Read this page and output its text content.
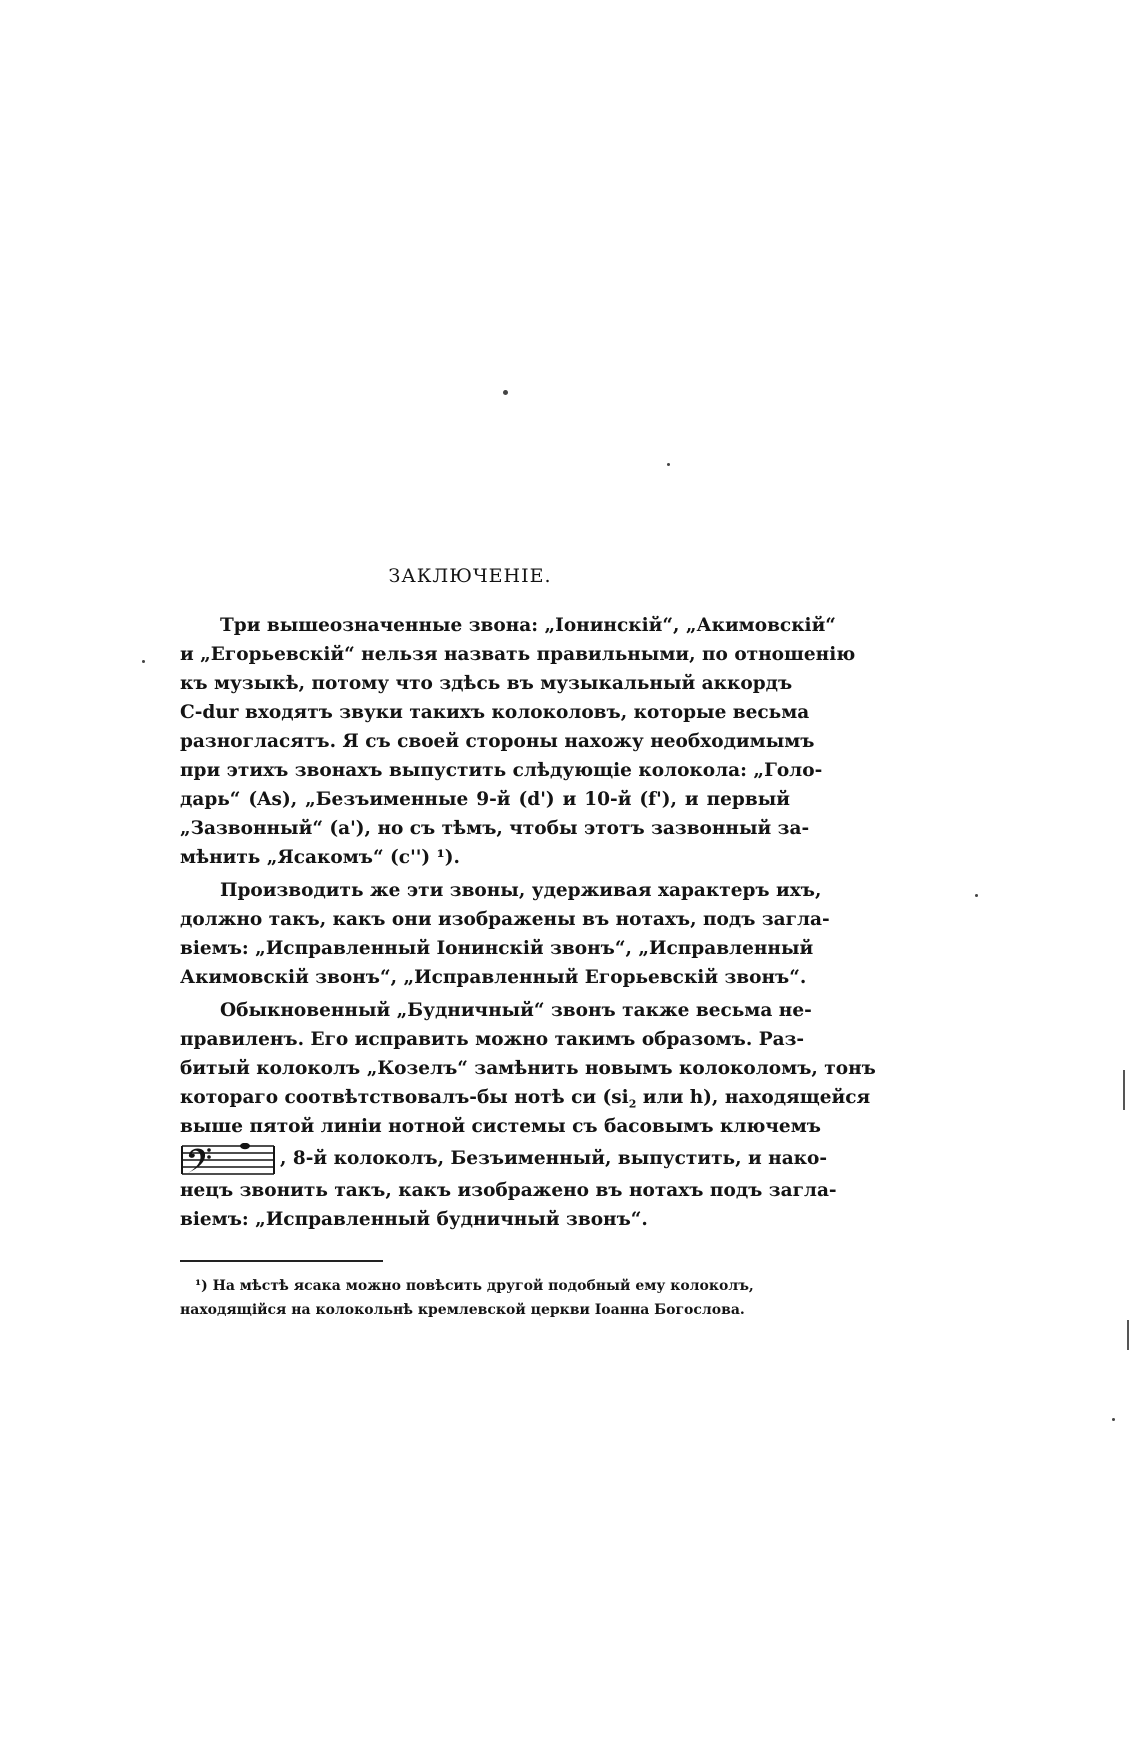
ЗАКЛЮЧЕНІЕ.
Три вышеозначенные звона: „Іонинскій“, „Акимовскій“
и „Егорьевскій“ нельзя назвать правильными, по отношенію
къ музыкѣ, потому что здѣсь въ музыкальный аккордъ
C-dur входятъ звуки такихъ колоколовъ, которые весьма
разногласятъ. Я съ своей стороны нахожу необходимымъ
при этихъ звонахъ выпустить слѣдующіе колокола: „Голо-
дарь“ (As), „Безъименные 9-й (d') и 10-й (f'), и первый
„Зазвонный“ (a'), но съ тѣмъ, чтобы этотъ зазвонный за-
мѣнить „Ясакомъ“ (c'') ¹).
Производить же эти звоны, удерживая характеръ ихъ,
должно такъ, какъ они изображены въ нотахъ, подъ загла-
віемъ: „Исправленный Іонинскій звонъ“, „Исправленный
Акимовскій звонъ“, „Исправленный Егорьевскій звонъ“.
Обыкновенный „Будничный“ звонъ также весьма не-
правиленъ. Его исправить можно такимъ образомъ. Раз-
битый колоколъ „Козелъ“ замѣнить новымъ колоколомъ, тонъ
котораго соотвѣтствовалъ-бы нотѣ си ($si_2$ или h), находящейся
выше пятой линіи нотной системы съ басовымъ ключемъ
, 8-й колоколъ, Безъименный, выпустить, и нако-
нецъ звонить такъ, какъ изображено въ нотахъ подъ загла-
віемъ: „Исправленный будничный звонъ“.
¹) На мѣстѣ ясака можно повѣсить другой подобный ему колоколъ,
находящійся на колокольнѣ кремлевской церкви Іоанна Богослова.
